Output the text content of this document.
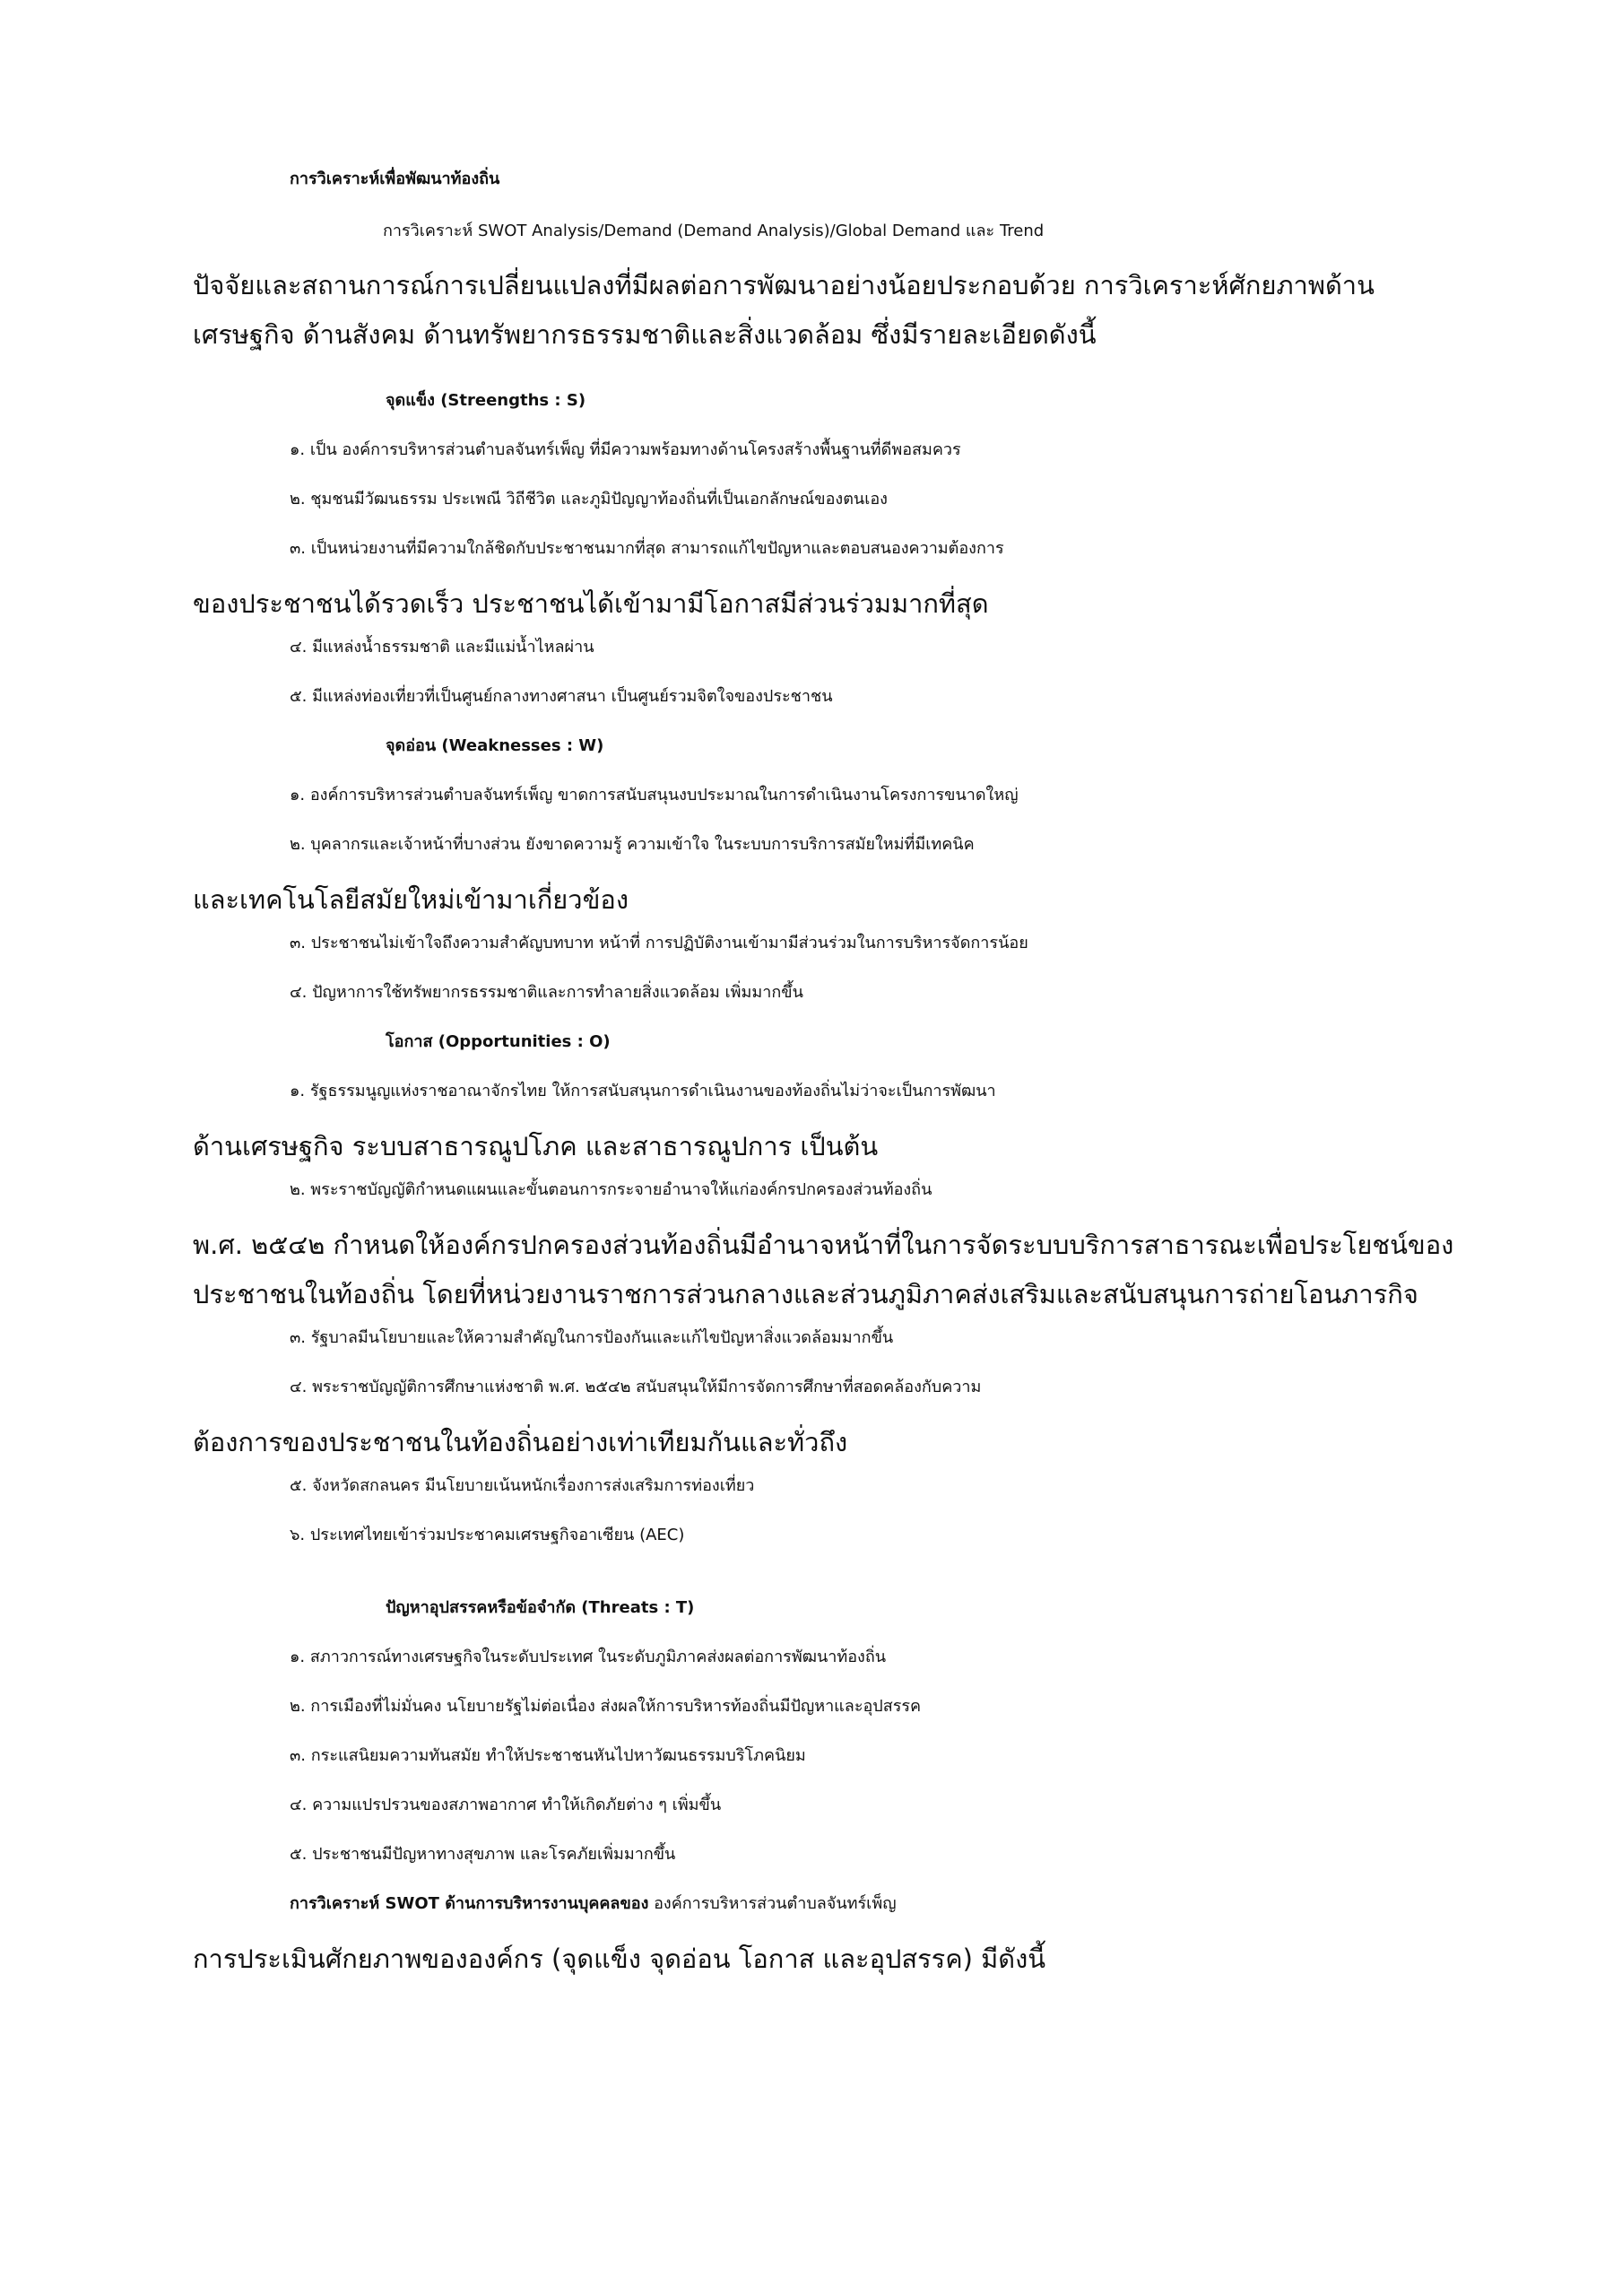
การวิเคราะห์เพื่อพัฒนาท้องถิ่น
การวิเคราะห์ SWOT Analysis/Demand (Demand Analysis)/Global Demand และ Trend
ปัจจัยและสถานการณ์การเปลี่ยนแปลงที่มีผลต่อการพัฒนาอย่างน้อยประกอบด้วย การวิเคราะห์ศักยภาพด้าน
เศรษฐกิจ ด้านสังคม ด้านทรัพยากรธรรมชาติและสิ่งแวดล้อม ซึ่งมีรายละเอียดดังนี้
จุดแข็ง (Streengths : S)
๑. เป็น องค์การบริหารส่วนตำบลจันทร์เพ็ญ ที่มีความพร้อมทางด้านโครงสร้างพื้นฐานที่ดีพอสมควร
๒. ชุมชนมีวัฒนธรรม ประเพณี วิถีชีวิต และภูมิปัญญาท้องถิ่นที่เป็นเอกลักษณ์ของตนเอง
๓. เป็นหน่วยงานที่มีความใกล้ชิดกับประชาชนมากที่สุด สามารถแก้ไขปัญหาและตอบสนองความต้องการ
ของประชาชนได้รวดเร็ว ประชาชนได้เข้ามามีโอกาสมีส่วนร่วมมากที่สุด
๔. มีแหล่งน้ำธรรมชาติ และมีแม่น้ำไหลผ่าน
๕. มีแหล่งท่องเที่ยวที่เป็นศูนย์กลางทางศาสนา เป็นศูนย์รวมจิตใจของประชาชน
จุดอ่อน (Weaknesses : W)
๑. องค์การบริหารส่วนตำบลจันทร์เพ็ญ ขาดการสนับสนุนงบประมาณในการดำเนินงานโครงการขนาดใหญ่
๒. บุคลากรและเจ้าหน้าที่บางส่วน ยังขาดความรู้ ความเข้าใจ ในระบบการบริการสมัยใหม่ที่มีเทคนิค
และเทคโนโลยีสมัยใหม่เข้ามาเกี่ยวข้อง
๓. ประชาชนไม่เข้าใจถึงความสำคัญบทบาท หน้าที่ การปฏิบัติงานเข้ามามีส่วนร่วมในการบริหารจัดการน้อย
๔. ปัญหาการใช้ทรัพยากรธรรมชาติและการทำลายสิ่งแวดล้อม เพิ่มมากขึ้น
โอกาส (Opportunities : O)
๑. รัฐธรรมนูญแห่งราชอาณาจักรไทย ให้การสนับสนุนการดำเนินงานของท้องถิ่นไม่ว่าจะเป็นการพัฒนา
ด้านเศรษฐกิจ ระบบสาธารณูปโภค และสาธารณูปการ เป็นต้น
๒. พระราชบัญญัติกำหนดแผนและขั้นตอนการกระจายอำนาจให้แก่องค์กรปกครองส่วนท้องถิ่น
พ.ศ. ๒๕๔๒ กำหนดให้องค์กรปกครองส่วนท้องถิ่นมีอำนาจหน้าที่ในการจัดระบบบริการสาธารณะเพื่อประโยชน์ของ
ประชาชนในท้องถิ่น โดยที่หน่วยงานราชการส่วนกลางและส่วนภูมิภาคส่งเสริมและสนับสนุนการถ่ายโอนภารกิจ
๓. รัฐบาลมีนโยบายและให้ความสำคัญในการป้องกันและแก้ไขปัญหาสิ่งแวดล้อมมากขึ้น
๔. พระราชบัญญัติการศึกษาแห่งชาติ พ.ศ. ๒๕๔๒ สนับสนุนให้มีการจัดการศึกษาที่สอดคล้องกับความ
ต้องการของประชาชนในท้องถิ่นอย่างเท่าเทียมกันและทั่วถึง
๕. จังหวัดสกลนคร มีนโยบายเน้นหนักเรื่องการส่งเสริมการท่องเที่ยว
๖. ประเทศไทยเข้าร่วมประชาคมเศรษฐกิจอาเซียน (AEC)
ปัญหาอุปสรรคหรือข้อจำกัด (Threats : T)
๑. สภาวการณ์ทางเศรษฐกิจในระดับประเทศ ในระดับภูมิภาคส่งผลต่อการพัฒนาท้องถิ่น
๒. การเมืองที่ไม่มั่นคง นโยบายรัฐไม่ต่อเนื่อง ส่งผลให้การบริหารท้องถิ่นมีปัญหาและอุปสรรค
๓. กระแสนิยมความทันสมัย ทำให้ประชาชนหันไปหาวัฒนธรรมบริโภคนิยม
๔. ความแปรปรวนของสภาพอากาศ ทำให้เกิดภัยต่าง ๆ เพิ่มขึ้น
๕. ประชาชนมีปัญหาทางสุขภาพ และโรคภัยเพิ่มมากขึ้น
การวิเคราะห์ SWOT ด้านการบริหารงานบุคคลของ องค์การบริหารส่วนตำบลจันทร์เพ็ญ
การประเมินศักยภาพขององค์กร (จุดแข็ง จุดอ่อน โอกาส และอุปสรรค) มีดังนี้
